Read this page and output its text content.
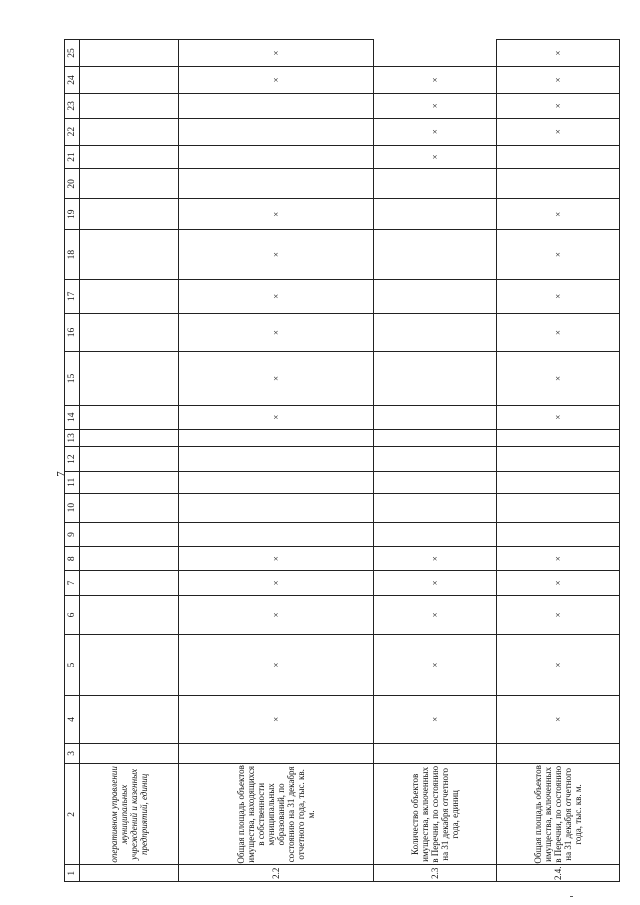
7
1	2	3	4	5	6	7	8	9	10	11	12	13	14	15	16	17	18	19	20	21	22	23	24	25
	оперативном управлении муниципальных учреждений и казенных предприятий, единиц																							
2.2	Общая площадь объектов имущества, находящихся в собственности муниципальных образований, по состоянию на 31 декабря отчетного года, тыс. кв. м.		×	×	×	×	×						×	×	×	×	×	×					×	×
2.3	Количество объектов имущества, включенных в Перечни, по состоянию на 31 декабря отчетного года, единиц		×	×	×	×	×													×	×	×	×	
2.4.	Общая площадь объектов имущества, включенных в Перечни, по состоянию на 31 декабря отчетного года, тыс. кв. м.		×	×	×	×	×						×	×	×	×	×	×			×	×	×	×
